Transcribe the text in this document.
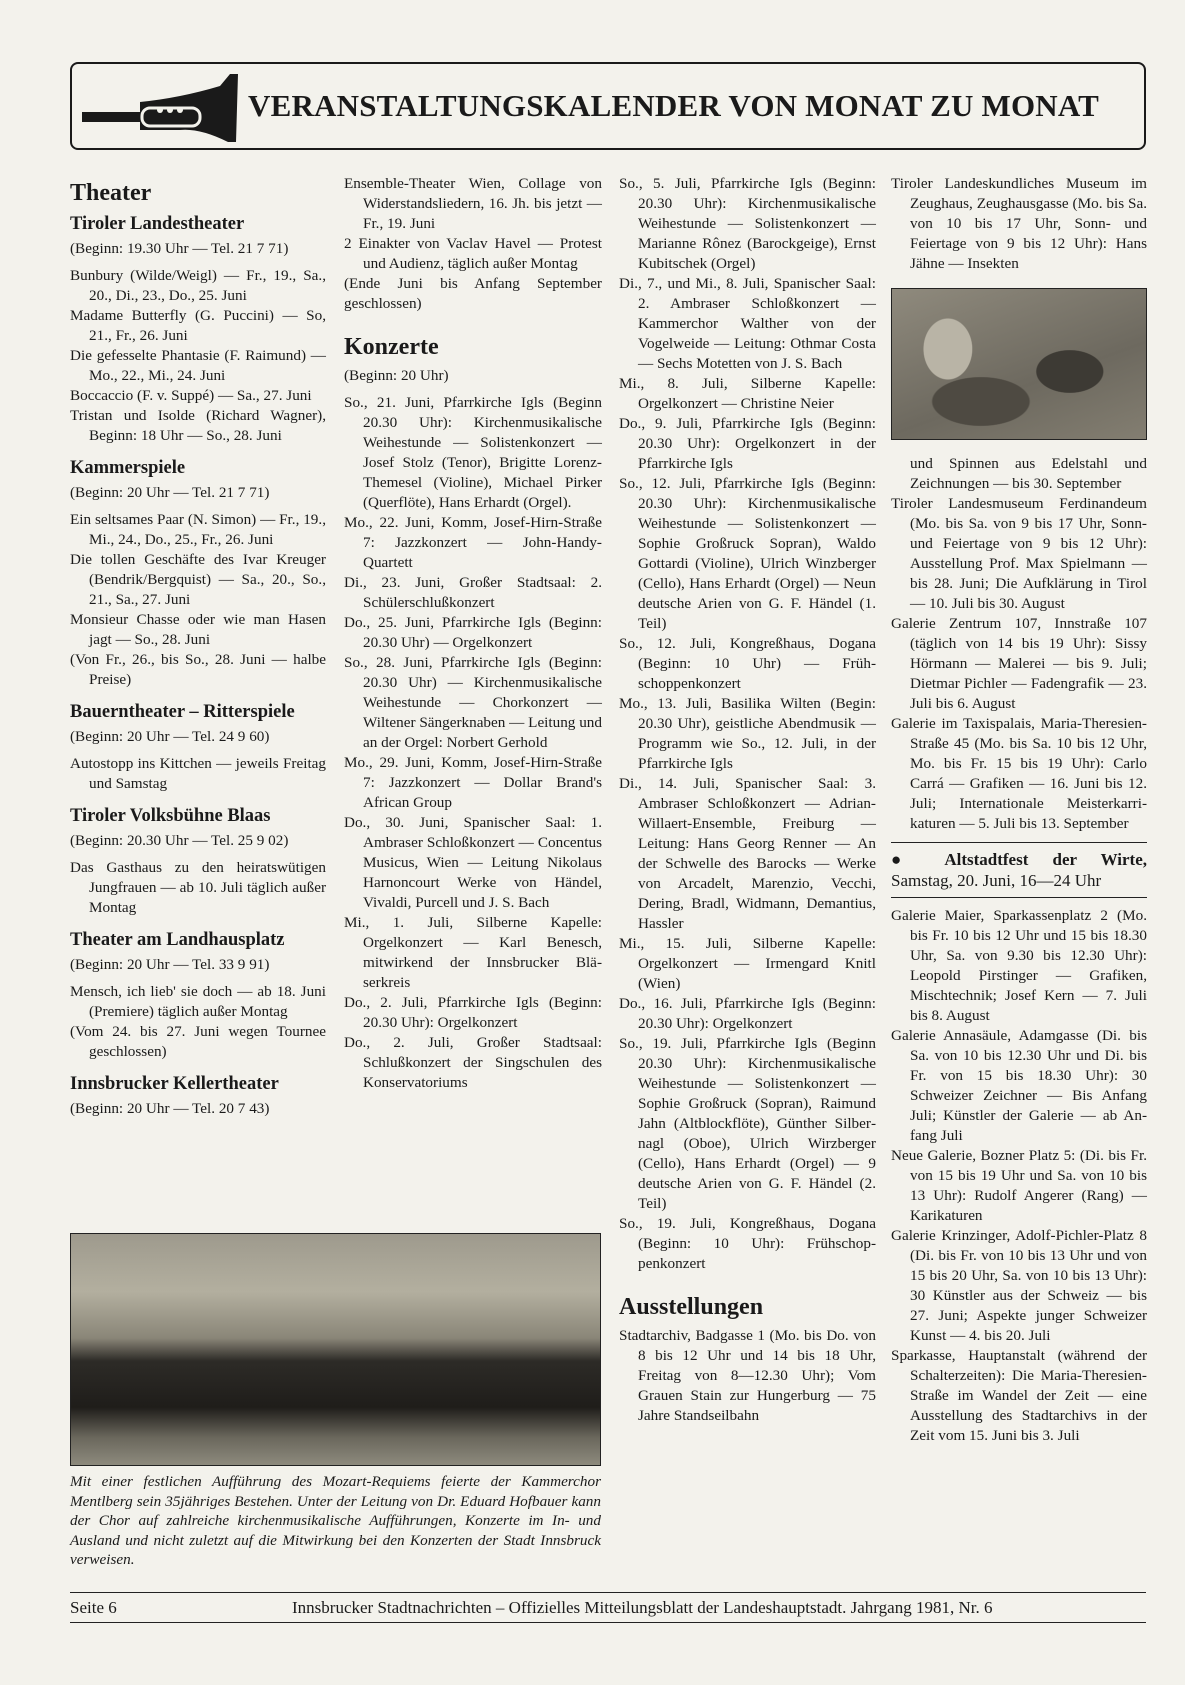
VERANSTALTUNGSKALENDER VON MONAT ZU MONAT
Theater
Tiroler Landestheater
(Beginn: 19.30 Uhr — Tel. 21 7 71)
Bunbury (Wilde/Weigl) — Fr., 19., Sa., 20., Di., 23., Do., 25. Juni
Madame Butterfly (G. Puccini) — So, 21., Fr., 26. Juni
Die gefesselte Phantasie (F. Raimund) — Mo., 22., Mi., 24. Juni
Boccaccio (F. v. Suppé) — Sa., 27. Juni
Tristan und Isolde (Richard Wagner), Beginn: 18 Uhr — So., 28. Juni
Kammerspiele
(Beginn: 20 Uhr — Tel. 21 7 71)
Ein seltsames Paar (N. Simon) — Fr., 19., Mi., 24., Do., 25., Fr., 26. Juni
Die tollen Geschäfte des Ivar Kreuger (Bendrik/Bergquist) — Sa., 20., So., 21., Sa., 27. Juni
Monsieur Chasse oder wie man Hasen jagt — So., 28. Juni
(Von Fr., 26., bis So., 28. Juni — halbe Preise)
Bauerntheater – Ritterspiele
(Beginn: 20 Uhr — Tel. 24 9 60)
Autostopp ins Kittchen — jeweils Freitag und Samstag
Tiroler Volksbühne Blaas
(Beginn: 20.30 Uhr — Tel. 25 9 02)
Das Gasthaus zu den heiratswütigen Jungfrauen — ab 10. Juli täglich außer Montag
Theater am Landhausplatz
(Beginn: 20 Uhr — Tel. 33 9 91)
Mensch, ich lieb' sie doch — ab 18. Juni (Premiere) täglich außer Montag
(Vom 24. bis 27. Juni wegen Tournee geschlossen)
Innsbrucker Kellertheater
(Beginn: 20 Uhr — Tel. 20 7 43)
Ensemble-Theater Wien, Collage von Widerstandsliedern, 16. Jh. bis jetzt — Fr., 19. Juni
2 Einakter von Vaclav Havel — Protest und Audienz, täglich außer Montag
(Ende Juni bis Anfang September geschlossen)
Konzerte
(Beginn: 20 Uhr)
So., 21. Juni, Pfarrkirche Igls (Beginn 20.30 Uhr): Kirchenmusikalische Weihestunde — Solistenkonzert — Josef Stolz (Tenor), Brigitte Lorenz-Themesel (Violine), Michael Pirker (Querflöte), Hans Erhardt (Orgel).
Mo., 22. Juni, Komm, Josef-Hirn-Straße 7: Jazzkonzert — John-Handy-Quartett
Di., 23. Juni, Großer Stadtsaal: 2. Schülerschlußkonzert
Do., 25. Juni, Pfarrkirche Igls (Beginn: 20.30 Uhr) — Orgelkonzert
So., 28. Juni, Pfarrkirche Igls (Beginn: 20.30 Uhr) — Kirchenmusikalische Weihestunde — Chorkonzert — Wiltener Sängerknaben — Leitung und an der Orgel: Norbert Gerhold
Mo., 29. Juni, Komm, Josef-Hirn-Straße 7: Jazzkonzert — Dollar Brand's African Group
Do., 30. Juni, Spanischer Saal: 1. Ambraser Schloßkonzert — Concentus Musicus, Wien — Leitung Nikolaus Harnoncourt Werke von Händel, Vivaldi, Purcell und J. S. Bach
Mi., 1. Juli, Silberne Kapelle: Orgelkonzert — Karl Benesch, mitwirkend der Innsbrucker Bläserkreis
Do., 2. Juli, Pfarrkirche Igls (Beginn: 20.30 Uhr): Orgelkonzert
Do., 2. Juli, Großer Stadtsaal: Schlußkonzert der Singschulen des Konservatoriums
So., 5. Juli, Pfarrkirche Igls (Beginn: 20.30 Uhr): Kirchenmusikalische Weihestunde — Solistenkonzert — Marianne Rônez (Barockgeige), Ernst Kubitschek (Orgel)
Di., 7., und Mi., 8. Juli, Spanischer Saal: 2. Ambraser Schloßkonzert — Kammerchor Walther von der Vogelweide — Leitung: Othmar Costa — Sechs Motetten von J. S. Bach
Mi., 8. Juli, Silberne Kapelle: Orgelkonzert — Christine Neier
Do., 9. Juli, Pfarrkirche Igls (Beginn: 20.30 Uhr): Orgelkonzert in der Pfarrkirche Igls
So., 12. Juli, Pfarrkirche Igls (Beginn: 20.30 Uhr): Kirchenmusikalische Weihestunde — Solistenkonzert — Sophie Großruck Sopran), Waldo Gottardi (Violine), Ulrich Winzberger (Cello), Hans Erhardt (Orgel) — Neun deutsche Arien von G. F. Händel (1. Teil)
So., 12. Juli, Kongreßhaus, Dogana (Beginn: 10 Uhr) — Frühschoppenkonzert
Mo., 13. Juli, Basilika Wilten (Begin: 20.30 Uhr), geistliche Abendmusik — Programm wie So., 12. Juli, in der Pfarrkirche Igls
Di., 14. Juli, Spanischer Saal: 3. Ambraser Schloßkonzert — Adrian-Willaert-Ensemble, Freiburg — Leitung: Hans Georg Renner — An der Schwelle des Barocks — Werke von Arcadelt, Marenzio, Vecchi, Dering, Bradl, Widmann, Demantius, Hassler
Mi., 15. Juli, Silberne Kapelle: Orgelkonzert — Irmengard Knitl (Wien)
Do., 16. Juli, Pfarrkirche Igls (Beginn: 20.30 Uhr): Orgelkonzert
So., 19. Juli, Pfarrkirche Igls (Beginn 20.30 Uhr): Kirchenmusikalische Weihestunde — Solistenkonzert — Sophie Großruck (Sopran), Raimund Jahn (Altblockflöte), Günther Silbernagl (Oboe), Ulrich Wirzberger (Cello), Hans Erhardt (Orgel) — 9 deutsche Arien von G. F. Händel (2. Teil)
So., 19. Juli, Kongreßhaus, Dogana (Beginn: 10 Uhr): Frühschoppenkonzert
Ausstellungen
Stadtarchiv, Badgasse 1 (Mo. bis Do. von 8 bis 12 Uhr und 14 bis 18 Uhr, Freitag von 8—12.30 Uhr); Vom Grauen Stain zur Hungerburg — 75 Jahre Standseilbahn
Tiroler Landeskundliches Museum im Zeughaus, Zeughausgasse (Mo. bis Sa. von 10 bis 17 Uhr, Sonn- und Feiertage von 9 bis 12 Uhr): Hans Jähne — Insekten
und Spinnen aus Edelstahl und Zeichnungen — bis 30. September
Tiroler Landesmuseum Ferdinandeum (Mo. bis Sa. von 9 bis 17 Uhr, Sonn- und Feiertage von 9 bis 12 Uhr): Ausstellung Prof. Max Spielmann — bis 28. Juni; Die Aufklärung in Tirol — 10. Juli bis 30. August
Galerie Zentrum 107, Innstraße 107 (täglich von 14 bis 19 Uhr): Sissy Hörmann — Malerei — bis 9. Juli; Dietmar Pichler — Fadengrafik — 23. Juli bis 6. August
Galerie im Taxispalais, Maria-Theresien-Straße 45 (Mo. bis Sa. 10 bis 12 Uhr, Mo. bis Fr. 15 bis 19 Uhr): Carlo Carrá — Grafiken — 16. Juni bis 12. Juli; Internationale Meisterkarrikaturen — 5. Juli bis 13. September
● Altstadtfest der Wirte,
Samstag, 20. Juni, 16—24 Uhr
Galerie Maier, Sparkassenplatz 2 (Mo. bis Fr. 10 bis 12 Uhr und 15 bis 18.30 Uhr, Sa. von 9.30 bis 12.30 Uhr): Leopold Pirstinger — Grafiken, Mischtechnik; Josef Kern — 7. Juli bis 8. August
Galerie Annasäule, Adamgasse (Di. bis Sa. von 10 bis 12.30 Uhr und Di. bis Fr. von 15 bis 18.30 Uhr): 30 Schweizer Zeichner — Bis Anfang Juli; Künstler der Galerie — ab Anfang Juli
Neue Galerie, Bozner Platz 5: (Di. bis Fr. von 15 bis 19 Uhr und Sa. von 10 bis 13 Uhr): Rudolf Angerer (Rang) — Karikaturen
Galerie Krinzinger, Adolf-Pichler-Platz 8 (Di. bis Fr. von 10 bis 13 Uhr und von 15 bis 20 Uhr, Sa. von 10 bis 13 Uhr): 30 Künstler aus der Schweiz — bis 27. Juni; Aspekte junger Schweizer Kunst — 4. bis 20. Juli
Sparkasse, Hauptanstalt (während der Schalterzeiten): Die Maria-Theresien-Straße im Wandel der Zeit — eine Ausstellung des Stadtarchivs in der Zeit vom 15. Juni bis 3. Juli
Mit einer festlichen Aufführung des Mozart-Requiems feierte der Kammerchor Mentlberg sein 35jähriges Bestehen. Unter der Leitung von Dr. Eduard Hofbauer kann der Chor auf zahlreiche kirchenmusikalische Aufführungen, Konzerte im In- und Ausland und nicht zuletzt auf die Mitwirkung bei den Konzerten der Stadt Innsbruck verweisen.
Seite 6	Innsbrucker Stadtnachrichten – Offizielles Mitteilungsblatt der Landeshauptstadt. Jahrgang 1981, Nr. 6
